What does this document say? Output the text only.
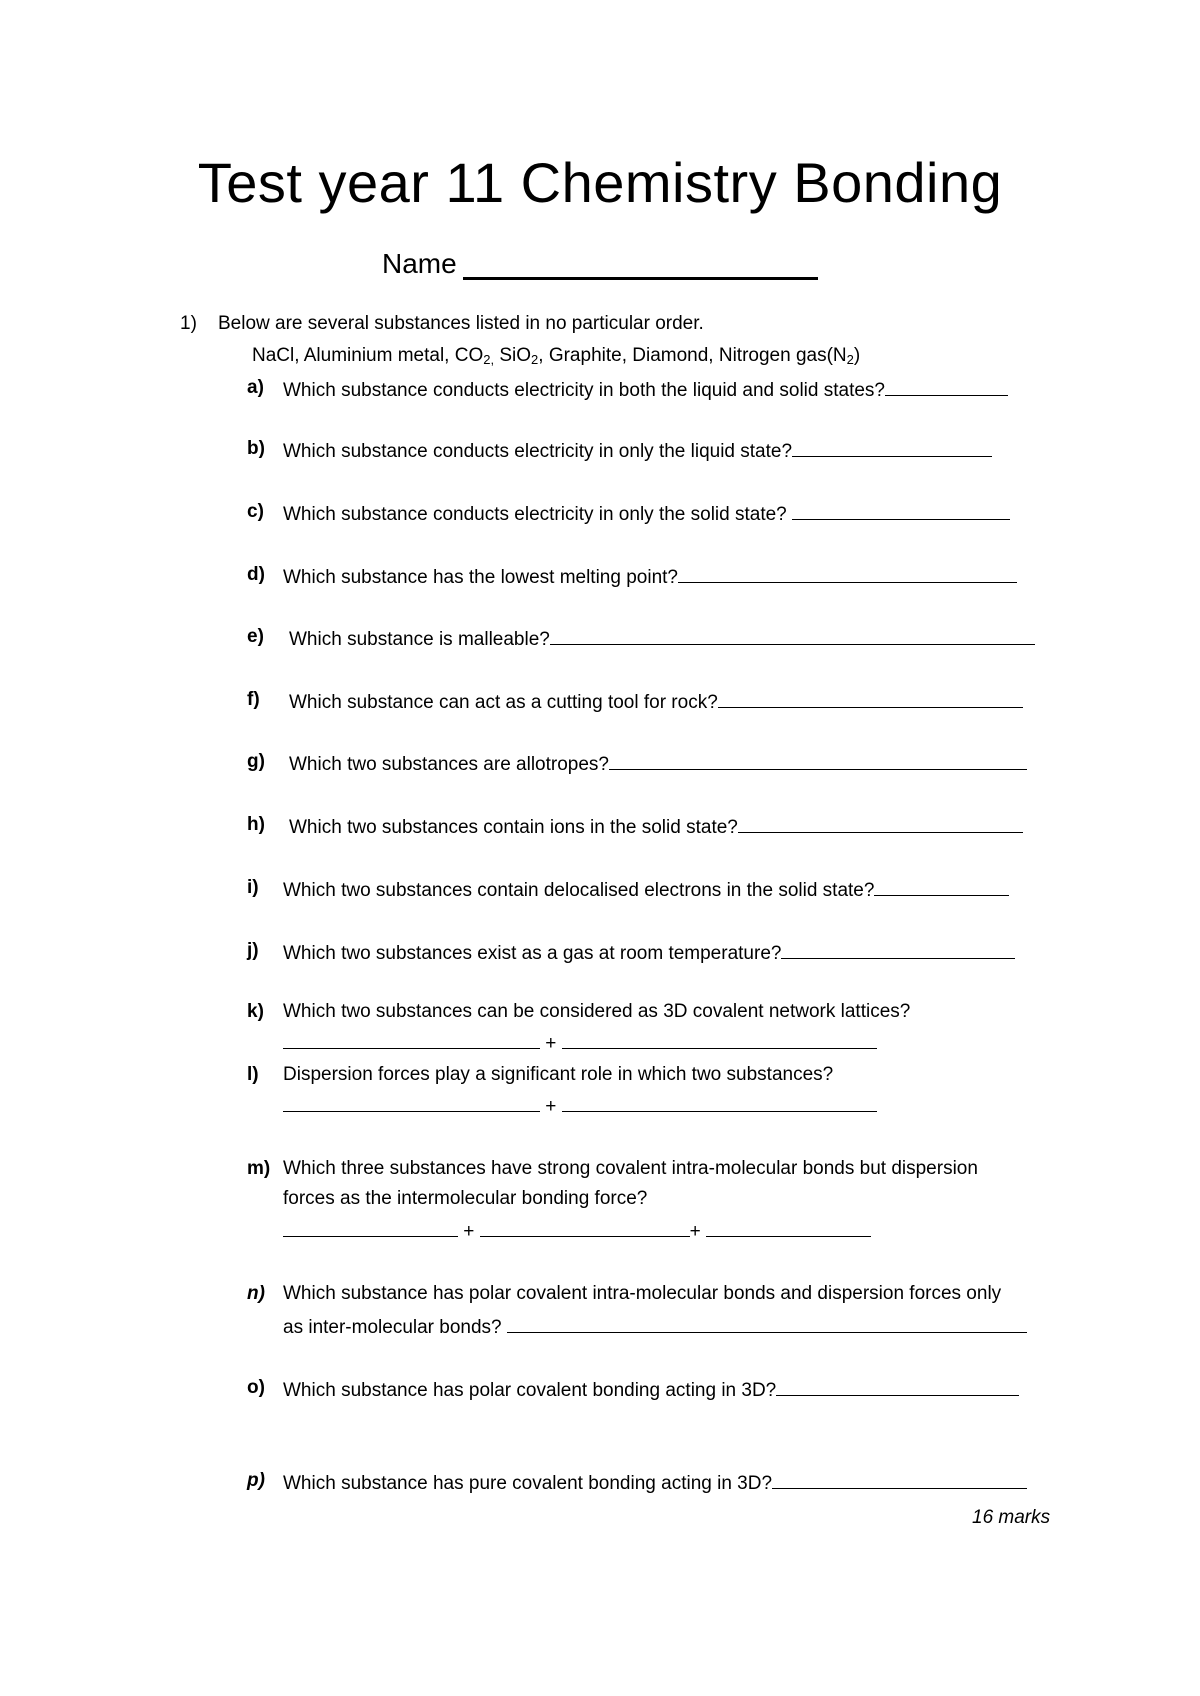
Test year 11 Chemistry Bonding
Name
1) Below are several substances listed in no particular order.
NaCl, Aluminium metal, $CO_{2,}$ SiO$_2$, Graphite, Diamond, Nitrogen $gas(N_2)$
a) Which substance conducts electricity in both the liquid and solid states?
b) Which substance conducts electricity in only the liquid state?
c) Which substance conducts electricity in only the solid state?
d) Which substance has the lowest melting point?
e) Which substance is malleable?
f) Which substance can act as a cutting tool for rock?
g) Which two substances are allotropes?
h) Which two substances contain ions in the solid state?
i) Which two substances contain delocalised electrons in the solid state?
j) Which two substances exist as a gas at room temperature?
k) Which two substances can be considered as 3D covalent network lattices?
+
l) Dispersion forces play a significant role in which two substances?
+
m) Which three substances have strong covalent intra-molecular bonds but dispersion
forces as the intermolecular bonding force?
+	+
n) Which substance has polar covalent intra-molecular bonds and dispersion forces only
as inter-molecular bonds?
o) Which substance has polar covalent bonding acting in 3D?
p) Which substance has pure covalent bonding acting in 3D?
16 marks
